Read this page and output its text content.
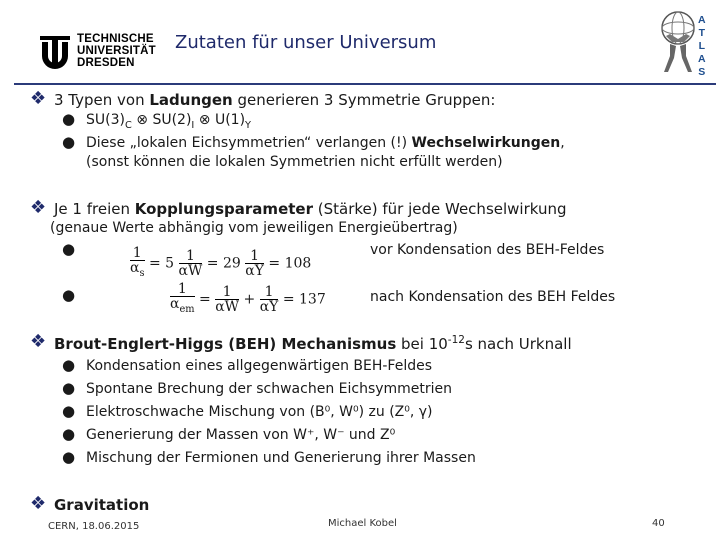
TECHNISCHE
UNIVERSITÄT
DRESDEN
Zutaten für unser Universum
A
T
L
A
S
❖ 3 Typen von Ladungen generieren 3 Symmetrie Gruppen:
● $SU(3)_C$ ⊗ $SU(2)_I$ ⊗ $U(1)_Y$
● Diese „lokalen Eichsymmetrien“ verlangen (!) Wechselwirkungen,
(sonst können die lokalen Symmetrien nicht erfüllt werden)
❖ Je 1 freien Kopplungsparameter (Stärke) für jede Wechselwirkung
(genaue Werte abhängig vom jeweiligen Energieübertrag)
●	$\frac{1}{\alpha_s} = 5 \frac{1}{\alpha W} = 29 \frac{1}{\alpha Y} = 108$
vor Kondensation des BEH-Feldes
●	$\frac{1}{\alpha_{em}} = \frac{1}{\alpha W} + \frac{1}{\alpha Y} = 137$	nach Kondensation des BEH Feldes
❖ Brout-Englert-Higgs (BEH) Mechanismus bei $10^{-12}s$ nach Urknall
● Kondensation eines allgegenwärtigen BEH-Feldes
● Spontane Brechung der schwachen Eichsymmetrien
● Elektroschwache Mischung von (B⁰, W⁰) zu (Z⁰, γ)
● Generierung der Massen von W⁺, W⁻ und Z⁰
● Mischung der Fermionen und Generierung ihrer Massen
❖ Gravitation
CERN, 18.06.2015	Michael Kobel	40
